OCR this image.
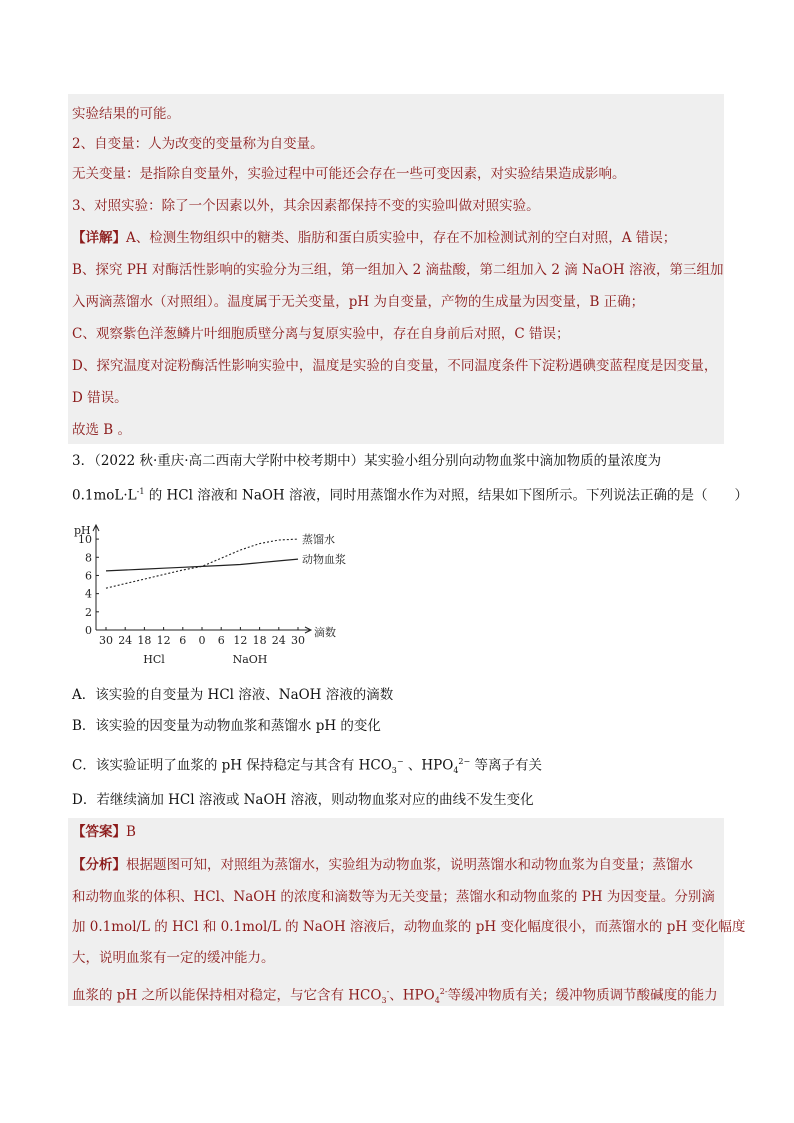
实验结果的可能。
2、自变量：人为改变的变量称为自变量。
无关变量：是指除自变量外，实验过程中可能还会存在一些可变因素，对实验结果造成影响。
3、对照实验：除了一个因素以外，其余因素都保持不变的实验叫做对照实验。
【详解】A、检测生物组织中的糖类、脂肪和蛋白质实验中，存在不加检测试剂的空白对照，A 错误；
B、探究 PH 对酶活性影响的实验分为三组，第一组加入 2 滴盐酸，第二组加入 2 滴 NaOH 溶液，第三组加
入两滴蒸馏水（对照组）。温度属于无关变量，pH 为自变量，产物的生成量为因变量，B 正确；
C、观察紫色洋葱鳞片叶细胞质壁分离与复原实验中，存在自身前后对照，C 错误；
D、探究温度对淀粉酶活性影响实验中，温度是实验的自变量，不同温度条件下淀粉遇碘变蓝程度是因变量，
D 错误。
故选 B 。
3．（2022 秋·重庆·高二西南大学附中校考期中）某实验小组分别向动物血浆中滴加物质的量浓度为
$0.1moL\cdot L^{-1}$ 的 HCl 溶液和 NaOH 溶液，同时用蒸馏水作为对照，结果如下图所示。下列说法正确的是（　　）
0
2
4
6
8
10
pH
30 24 18 12 6 0 6 12 18 24 30
滴数
HCl	NaOH
蒸馏水
动物血浆
A．该实验的自变量为 HCl 溶液、NaOH 溶液的滴数
B．该实验的因变量为动物血浆和蒸馏水 pH 的变化
C．该实验证明了血浆的 pH 保持稳定与其含有 $HCO_3^-$ 、$HPO_4^{2-}$ 等离子有关
D．若继续滴加 HCl 溶液或 NaOH 溶液，则动物血浆对应的曲线不发生变化
【答案】B
【分析】根据题图可知，对照组为蒸馏水，实验组为动物血浆，说明蒸馏水和动物血浆为自变量；蒸馏水
和动物血浆的体积、HCl、NaOH 的浓度和滴数等为无关变量；蒸馏水和动物血浆的 PH 为因变量。分别滴
加 0.1mol/L 的 HCl 和 0.1mol/L 的 NaOH 溶液后，动物血浆的 pH 变化幅度很小，而蒸馏水的 pH 变化幅度
大，说明血浆有一定的缓冲能力。
血浆的 pH 之所以能保持相对稳定，与它含有 $HCO_3^-$、$HPO_4^{2-}$等缓冲物质有关；缓冲物质调节酸碱度的能力
